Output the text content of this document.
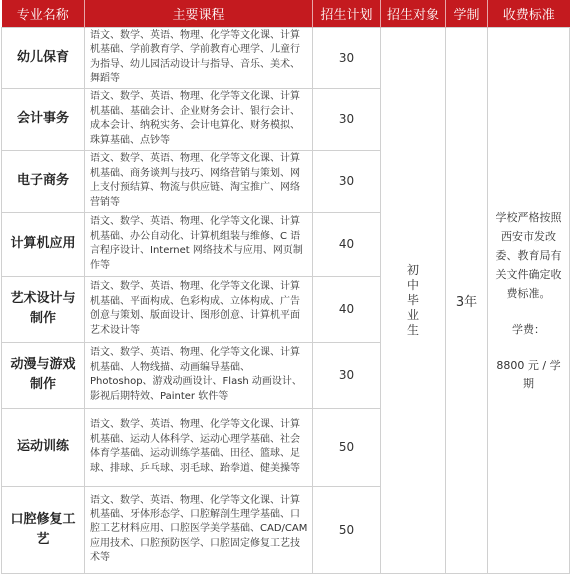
专业名称	主要课程	招生计划	招生对象	学制	收费标准
幼儿保育	语文、数学、英语、物理、化学等文化课、计算机基础、学前教育学、学前教育心理学、儿童行为指导、幼儿园活动设计与指导、音乐、美术、舞蹈等	30	初中毕业生	3年	学校严格按照西安市发改委、教育局有关文件确定收费标准。
学费：
8800 元 / 学期

会计事务	语文、数学、英语、物理、化学等文化课、计算机基础、基础会计、企业财务会计、银行会计、成本会计、纳税实务、会计电算化、财务模拟、珠算基础、点钞等	30			
电子商务	语文、数学、英语、物理、化学等文化课、计算机基础、商务谈判与技巧、网络营销与策划、网上支付预结算、物流与供应链、淘宝推广、网络营销等	30			
计算机应用	语文、数学、英语、物理、化学等文化课、计算机基础、办公自动化、计算机组装与维修、C 语言程序设计、Internet 网络技术与应用、网页制作等	40			
艺术设计与制作	语文、数学、英语、物理、化学等文化课、计算机基础、平面构成、色彩构成、立体构成、广告创意与策划、版面设计、图形创意、计算机平面艺术设计等	40			
动漫与游戏制作	语文、数学、英语、物理、化学等文化课、计算机基础、人物线描、动画编导基础、Photoshop、游戏动画设计、Flash 动画设计、影视后期特效、Painter 软件等	30			
运动训练	语文、数学、英语、物理、化学等文化课、计算机基础、运动人体科学、运动心理学基础、社会体育学基础、运动训练学基础、田径、篮球、足球、排球、乒乓球、羽毛球、跆拳道、健美操等	50			
口腔修复工艺	语文、数学、英语、物理、化学等文化课、计算机基础、牙体形态学、口腔解剖生理学基础、口腔工艺材料应用、口腔医学美学基础、CAD/CAM 应用技术、口腔预防医学、口腔固定修复工艺技术等	50			
